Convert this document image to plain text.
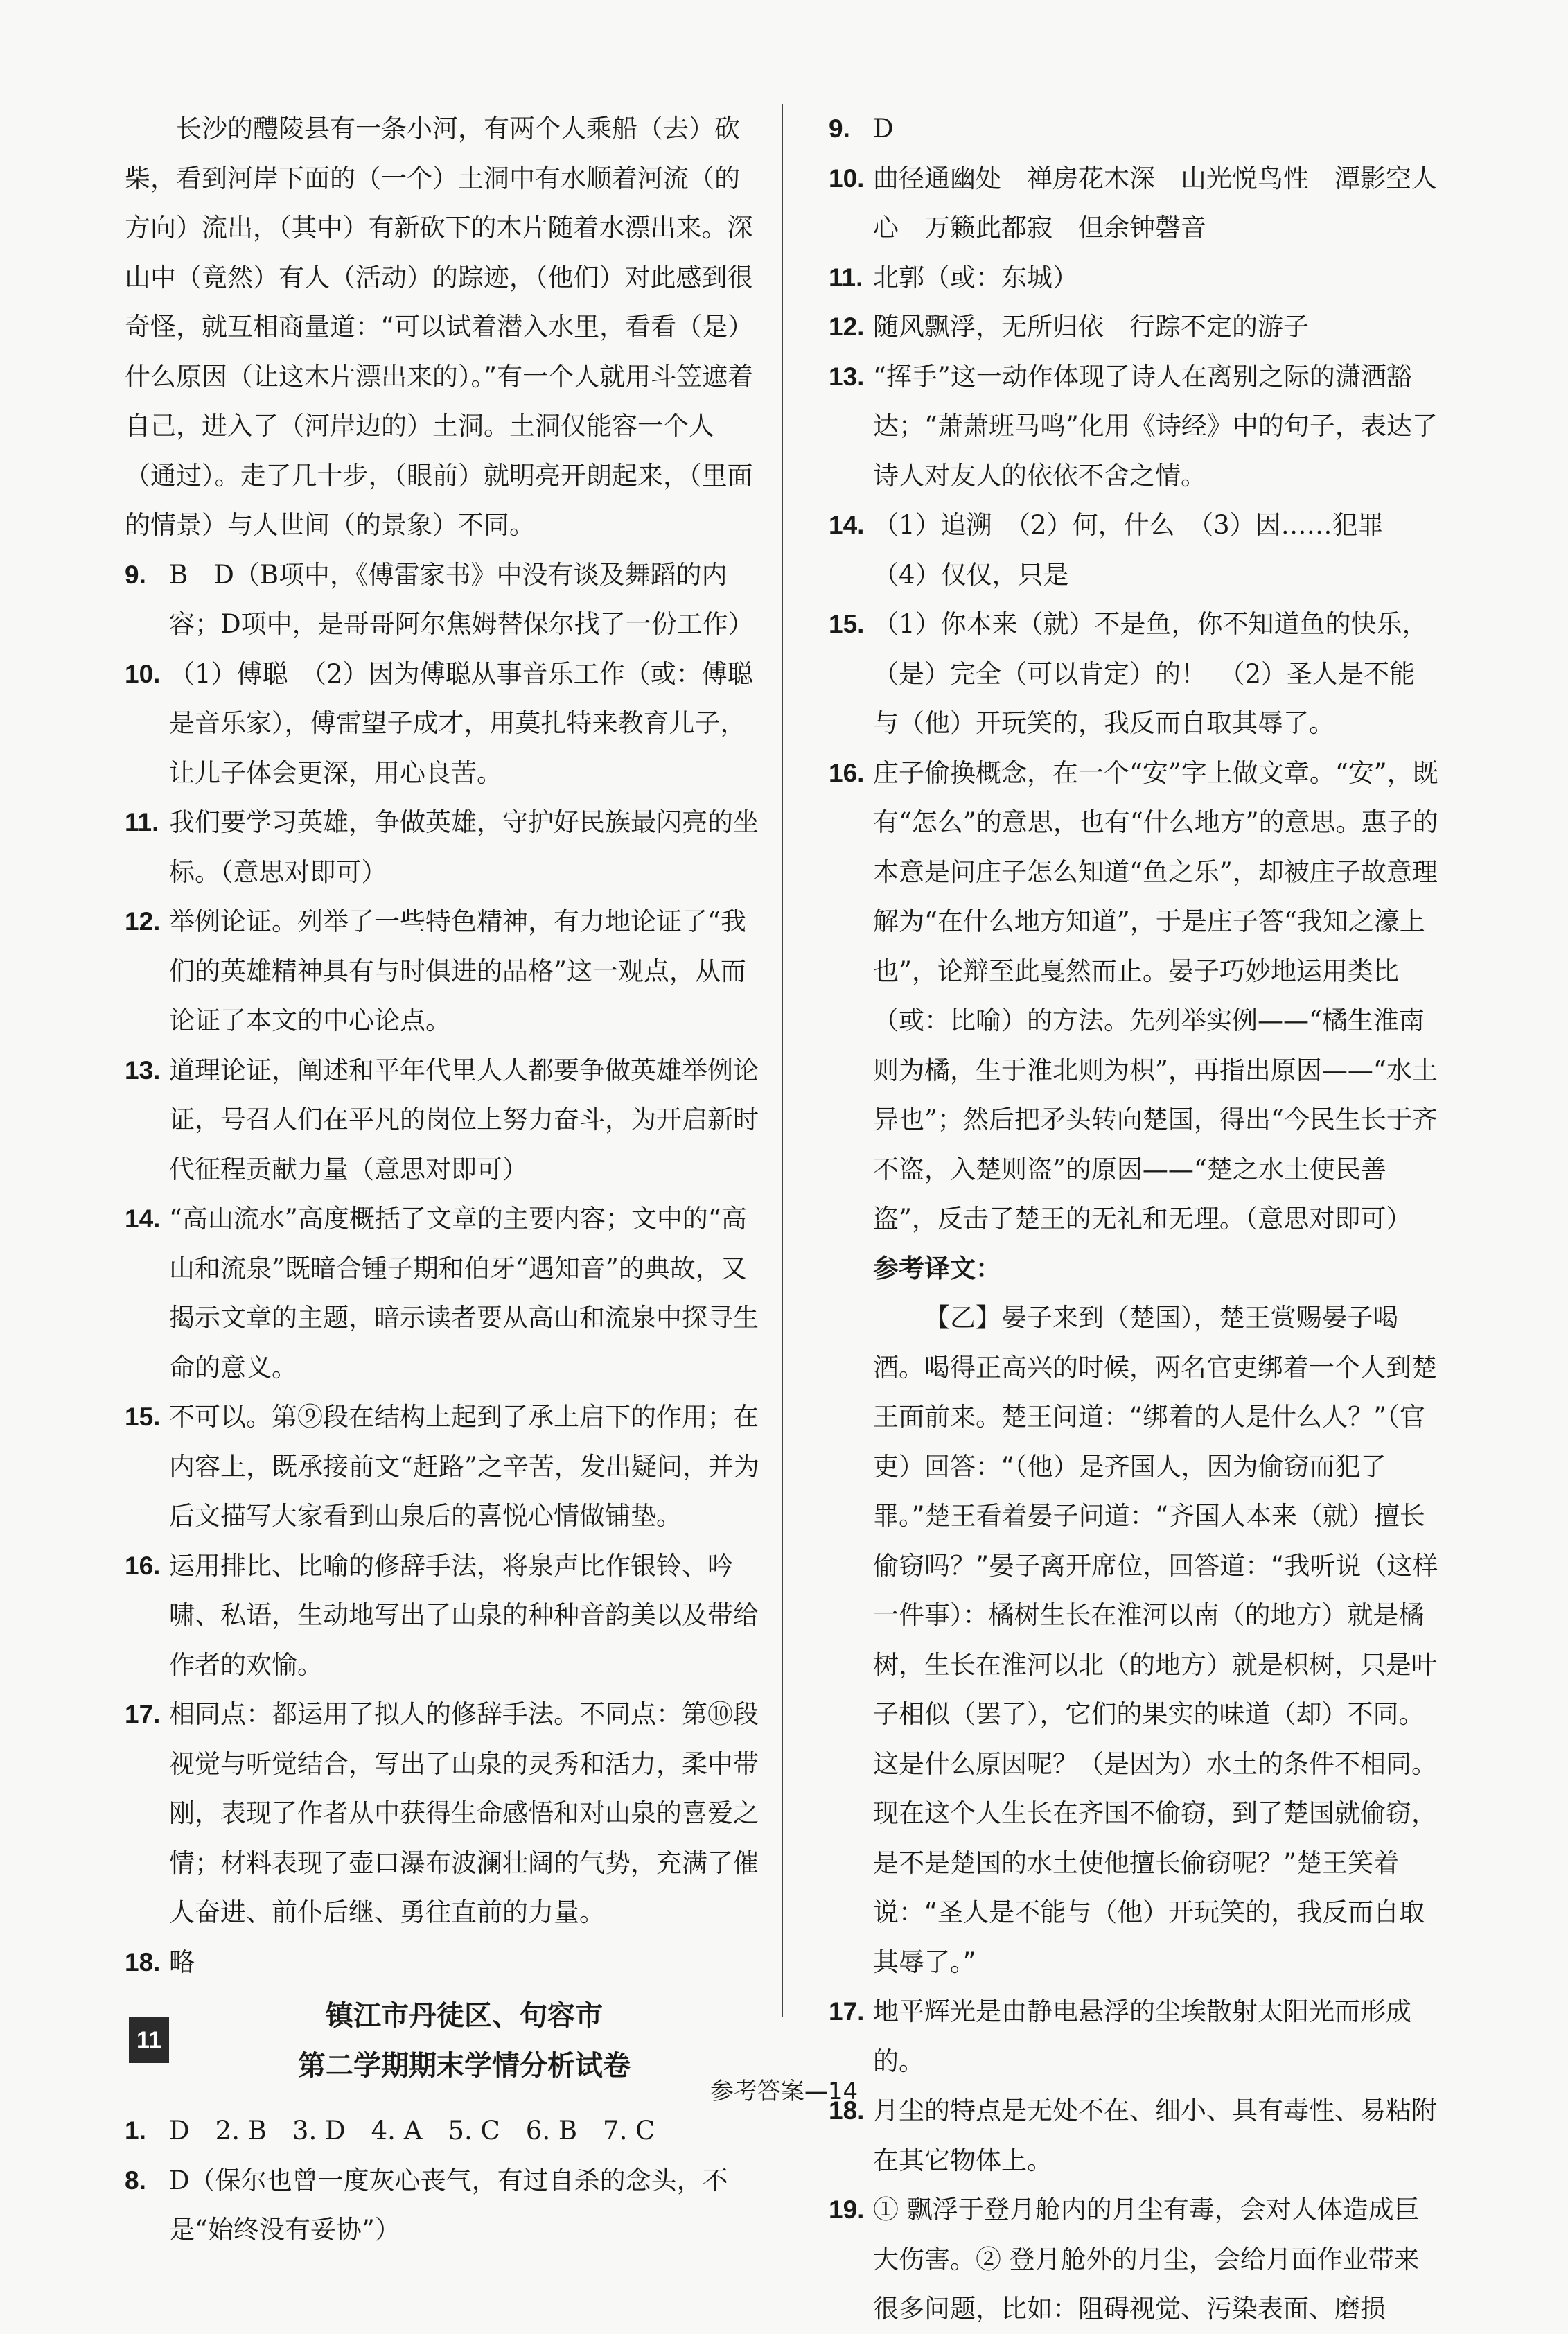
长沙的醴陵县有一条小河，有两个人乘船（去）砍柴，看到河岸下面的（一个）土洞中有水顺着河流（的方向）流出，（其中）有新砍下的木片随着水漂出来。深山中（竟然）有人（活动）的踪迹，（他们）对此感到很奇怪，就互相商量道：“可以试着潜入水里，看看（是）什么原因（让这木片漂出来的）。”有一个人就用斗笠遮着自己，进入了（河岸边的）土洞。土洞仅能容一个人（通过）。走了几十步，（眼前）就明亮开朗起来，（里面的情景）与人世间（的景象）不同。

9. B　D（B项中，《傅雷家书》中没有谈及舞蹈的内容；D项中，是哥哥阿尔焦姆替保尔找了一份工作）
10. （1）傅聪　（2）因为傅聪从事音乐工作（或：傅聪是音乐家），傅雷望子成才，用莫扎特来教育儿子，让儿子体会更深，用心良苦。
11. 我们要学习英雄，争做英雄，守护好民族最闪亮的坐标。（意思对即可）
12. 举例论证。列举了一些特色精神，有力地论证了“我们的英雄精神具有与时俱进的品格”这一观点，从而论证了本文的中心论点。
13. 道理论证，阐述和平年代里人人都要争做英雄举例论证，号召人们在平凡的岗位上努力奋斗，为开启新时代征程贡献力量（意思对即可）
14. “高山流水”高度概括了文章的主要内容；文中的“高山和流泉”既暗合锺子期和伯牙“遇知音”的典故，又揭示文章的主题，暗示读者要从高山和流泉中探寻生命的意义。
15. 不可以。第⑨段在结构上起到了承上启下的作用；在内容上，既承接前文“赶路”之辛苦，发出疑问，并为后文描写大家看到山泉后的喜悦心情做铺垫。
16. 运用排比、比喻的修辞手法，将泉声比作银铃、吟啸、私语，生动地写出了山泉的种种音韵美以及带给作者的欢愉。
17. 相同点：都运用了拟人的修辞手法。不同点：第⑩段视觉与听觉结合，写出了山泉的灵秀和活力，柔中带刚，表现了作者从中获得生命感悟和对山泉的喜爱之情；材料表现了壶口瀑布波澜壮阔的气势，充满了催人奋进、前仆后继、勇往直前的力量。
18. 略
11
镇江市丹徒区、句容市
第二学期期末学情分析试卷
1. D　2. B　3. D　4. A　5. C　6. B　7. C
8. D（保尔也曾一度灰心丧气，有过自杀的念头，不是“始终没有妥协”）
9. D
10. 曲径通幽处　禅房花木深　山光悦鸟性　潭影空人心　万籁此都寂　但余钟磬音
11. 北郭（或：东城）
12. 随风飘浮，无所归依　行踪不定的游子
13. “挥手”这一动作体现了诗人在离别之际的潇洒豁达；“萧萧班马鸣”化用《诗经》中的句子，表达了诗人对友人的依依不舍之情。
14. （1）追溯　（2）何，什么　（3）因……犯罪　（4）仅仅，只是
15. （1）你本来（就）不是鱼，你不知道鱼的快乐，（是）完全（可以肯定）的！　（2）圣人是不能与（他）开玩笑的，我反而自取其辱了。
16. 庄子偷换概念，在一个“安”字上做文章。“安”，既有“怎么”的意思，也有“什么地方”的意思。惠子的本意是问庄子怎么知道“鱼之乐”，却被庄子故意理解为“在什么地方知道”，于是庄子答“我知之濠上也”，论辩至此戛然而止。晏子巧妙地运用类比（或：比喻）的方法。先列举实例——“橘生淮南则为橘，生于淮北则为枳”，再指出原因——“水土异也”；然后把矛头转向楚国，得出“今民生长于齐不盗，入楚则盗”的原因——“楚之水土使民善盗”，反击了楚王的无礼和无理。（意思对即可）
参考译文：

【乙】晏子来到（楚国），楚王赏赐晏子喝酒。喝得正高兴的时候，两名官吏绑着一个人到楚王面前来。楚王问道：“绑着的人是什么人？”（官吏）回答：“（他）是齐国人，因为偷窃而犯了罪。”楚王看着晏子问道：“齐国人本来（就）擅长偷窃吗？”晏子离开席位，回答道：“我听说（这样一件事）：橘树生长在淮河以南（的地方）就是橘树，生长在淮河以北（的地方）就是枳树，只是叶子相似（罢了），它们的果实的味道（却）不同。这是什么原因呢？（是因为）水土的条件不相同。现在这个人生长在齐国不偷窃，到了楚国就偷窃，是不是楚国的水土使他擅长偷窃呢？”楚王笑着说：“圣人是不能与（他）开玩笑的，我反而自取其辱了。”

17. 地平辉光是由静电悬浮的尘埃散射太阳光而形成的。
18. 月尘的特点是无处不在、细小、具有毒性、易粘附在其它物体上。
19. ① 飘浮于登月舱内的月尘有毒，会对人体造成巨大伤害。② 登月舱外的月尘，会给月面作业带来很多问题，比如：阻碍视觉、污染表面、磨损
参考答案—14
